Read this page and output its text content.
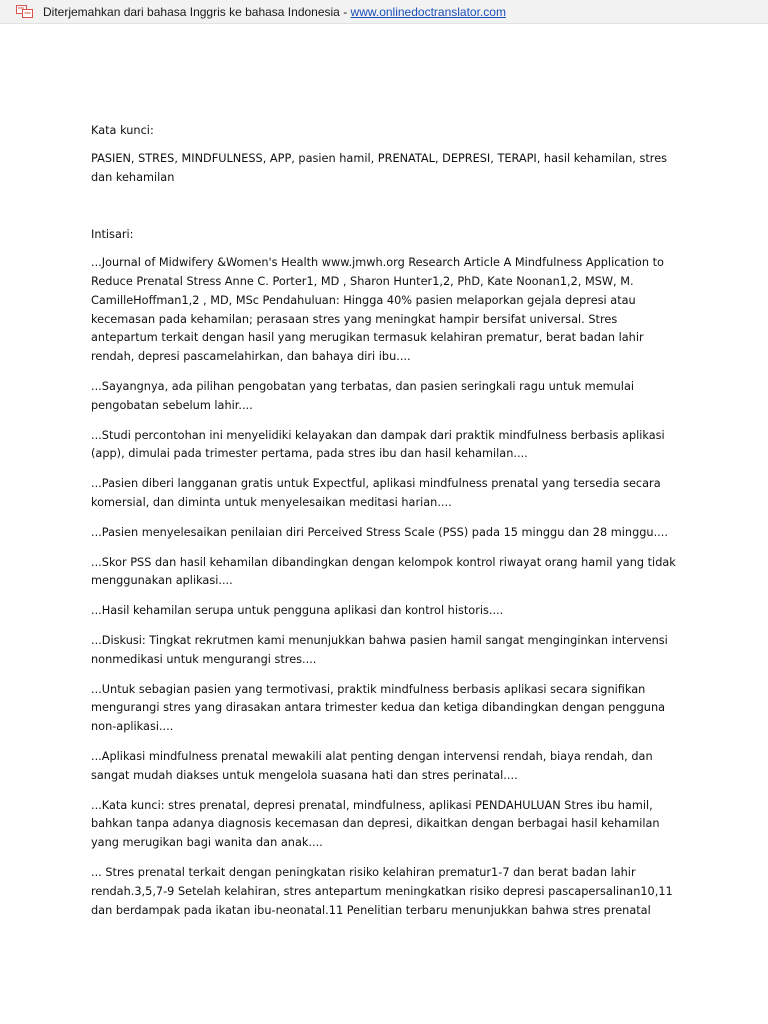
Diterjemahkan dari bahasa Inggris ke bahasa Indonesia - www.onlinedoctranslator.com

Kata kunci:

PASIEN, STRES, MINDFULNESS, APP, pasien hamil, PRENATAL, DEPRESI, TERAPI, hasil kehamilan, stres dan kehamilan

Intisari:

...Journal of Midwifery &Women's Health www.jmwh.org Research Article A Mindfulness Application to Reduce Prenatal Stress Anne C. Porter1, MD , Sharon Hunter1,2, PhD, Kate Noonan1,2, MSW, M. CamilleHoffman1,2 , MD, MSc Pendahuluan: Hingga 40% pasien melaporkan gejala depresi atau kecemasan pada kehamilan; perasaan stres yang meningkat hampir bersifat universal. Stres antepartum terkait dengan hasil yang merugikan termasuk kelahiran prematur, berat badan lahir rendah, depresi pascamelahirkan, dan bahaya diri ibu....

...Sayangnya, ada pilihan pengobatan yang terbatas, dan pasien seringkali ragu untuk memulai pengobatan sebelum lahir....

...Studi percontohan ini menyelidiki kelayakan dan dampak dari praktik mindfulness berbasis aplikasi (app), dimulai pada trimester pertama, pada stres ibu dan hasil kehamilan....

...Pasien diberi langganan gratis untuk Expectful, aplikasi mindfulness prenatal yang tersedia secara komersial, dan diminta untuk menyelesaikan meditasi harian....

...Pasien menyelesaikan penilaian diri Perceived Stress Scale (PSS) pada 15 minggu dan 28 minggu....

...Skor PSS dan hasil kehamilan dibandingkan dengan kelompok kontrol riwayat orang hamil yang tidak menggunakan aplikasi....

...Hasil kehamilan serupa untuk pengguna aplikasi dan kontrol historis....

...Diskusi: Tingkat rekrutmen kami menunjukkan bahwa pasien hamil sangat menginginkan intervensi nonmedikasi untuk mengurangi stres....

...Untuk sebagian pasien yang termotivasi, praktik mindfulness berbasis aplikasi secara signifikan mengurangi stres yang dirasakan antara trimester kedua dan ketiga dibandingkan dengan pengguna non-aplikasi....

...Aplikasi mindfulness prenatal mewakili alat penting dengan intervensi rendah, biaya rendah, dan sangat mudah diakses untuk mengelola suasana hati dan stres perinatal....

...Kata kunci: stres prenatal, depresi prenatal, mindfulness, aplikasi PENDAHULUAN Stres ibu hamil, bahkan tanpa adanya diagnosis kecemasan dan depresi, dikaitkan dengan berbagai hasil kehamilan yang merugikan bagi wanita dan anak....

... Stres prenatal terkait dengan peningkatan risiko kelahiran prematur1-7 dan berat badan lahir rendah.3,5,7-9 Setelah kelahiran, stres antepartum meningkatkan risiko depresi pascapersalinan10,11 dan berdampak pada ikatan ibu-neonatal.11 Penelitian terbaru menunjukkan bahwa stres prenatal
